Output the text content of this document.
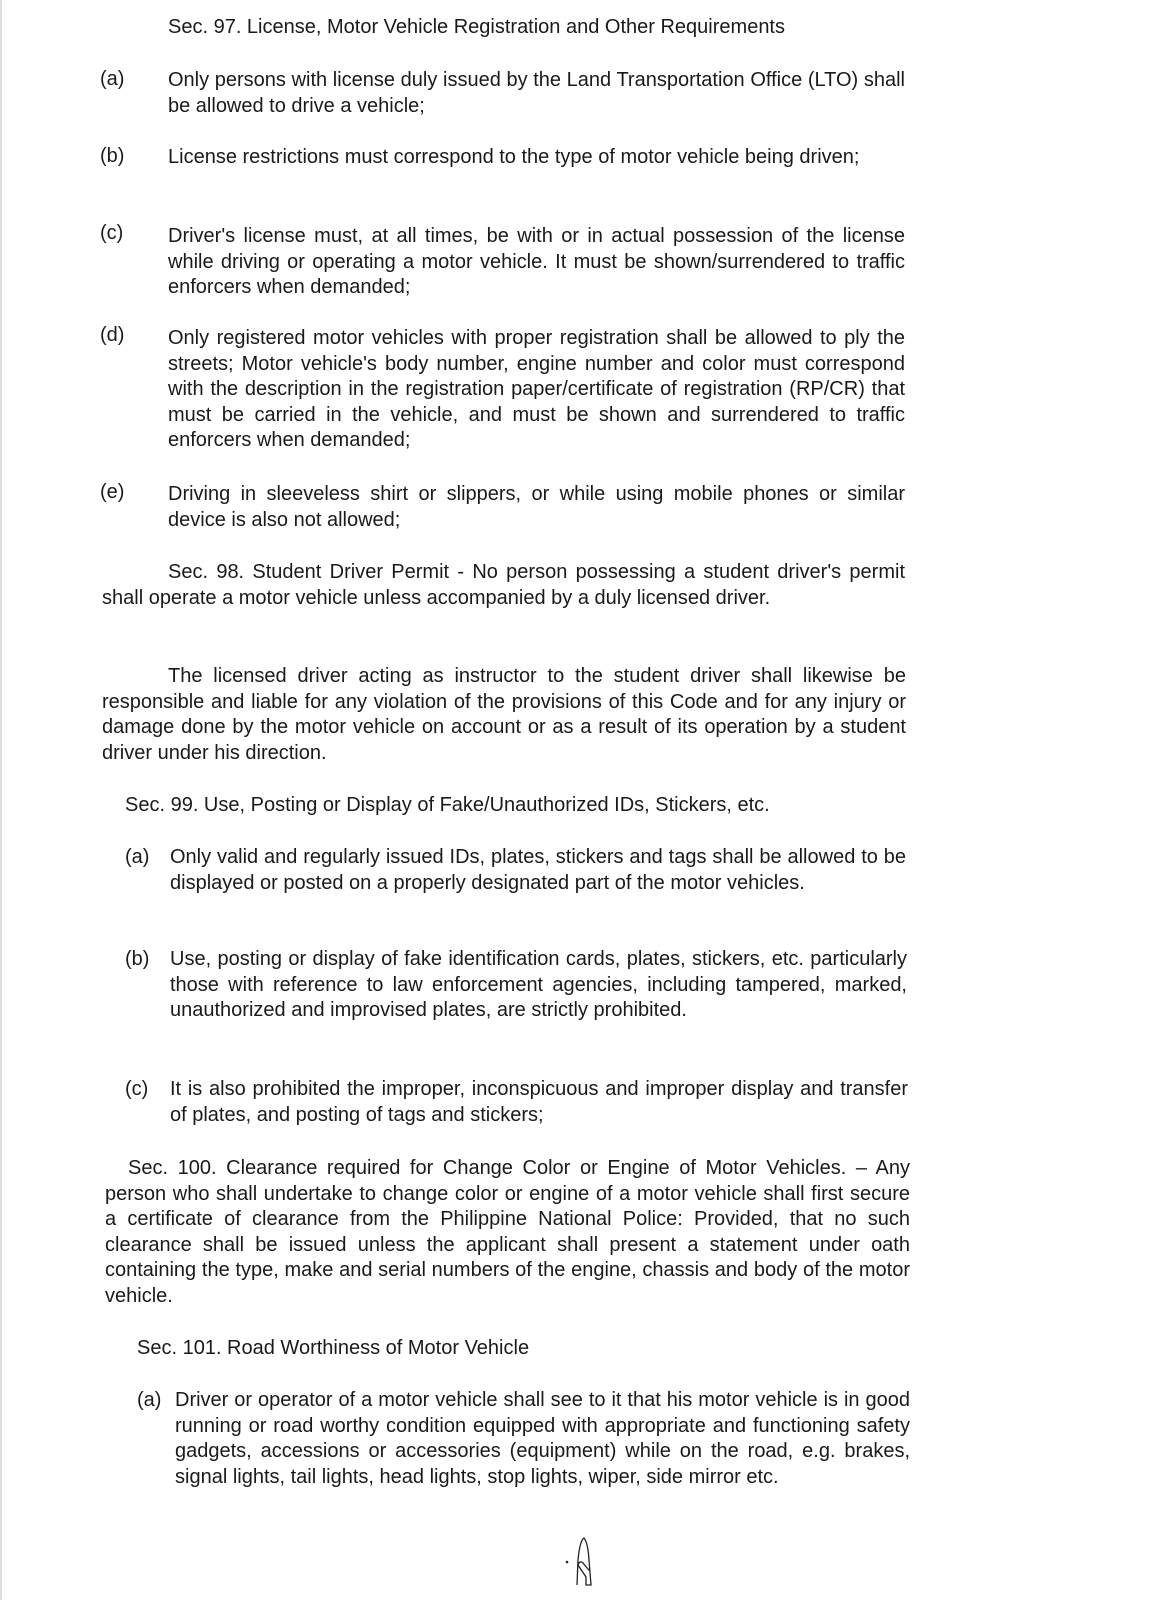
Sec. 97. License, Motor Vehicle Registration and Other Requirements
(a) Only persons with license duly issued by the Land Transportation Office (LTO) shall be allowed to drive a vehicle;
(b) License restrictions must correspond to the type of motor vehicle being driven;
(c) Driver's license must, at all times, be with or in actual possession of the license while driving or operating a motor vehicle. It must be shown/surrendered to traffic enforcers when demanded;
(d) Only registered motor vehicles with proper registration shall be allowed to ply the streets; Motor vehicle's body number, engine number and color must correspond with the description in the registration paper/certificate of registration (RP/CR) that must be carried in the vehicle, and must be shown and surrendered to traffic enforcers when demanded;
(e) Driving in sleeveless shirt or slippers, or while using mobile phones or similar device is also not allowed;
Sec. 98. Student Driver Permit - No person possessing a student driver's permit shall operate a motor vehicle unless accompanied by a duly licensed driver.
The licensed driver acting as instructor to the student driver shall likewise be responsible and liable for any violation of the provisions of this Code and for any injury or damage done by the motor vehicle on account or as a result of its operation by a student driver under his direction.
Sec. 99. Use, Posting or Display of Fake/Unauthorized IDs, Stickers, etc.
(a) Only valid and regularly issued IDs, plates, stickers and tags shall be allowed to be displayed or posted on a properly designated part of the motor vehicles.
(b) Use, posting or display of fake identification cards, plates, stickers, etc. particularly those with reference to law enforcement agencies, including tampered, marked, unauthorized and improvised plates, are strictly prohibited.
(c) It is also prohibited the improper, inconspicuous and improper display and transfer of plates, and posting of tags and stickers;
Sec. 100. Clearance required for Change Color or Engine of Motor Vehicles. – Any person who shall undertake to change color or engine of a motor vehicle shall first secure a certificate of clearance from the Philippine National Police: Provided, that no such clearance shall be issued unless the applicant shall present a statement under oath containing the type, make and serial numbers of the engine, chassis and body of the motor vehicle.
Sec. 101. Road Worthiness of Motor Vehicle
(a) Driver or operator of a motor vehicle shall see to it that his motor vehicle is in good running or road worthy condition equipped with appropriate and functioning safety gadgets, accessions or accessories (equipment) while on the road, e.g. brakes, signal lights, tail lights, head lights, stop lights, wiper, side mirror etc.
